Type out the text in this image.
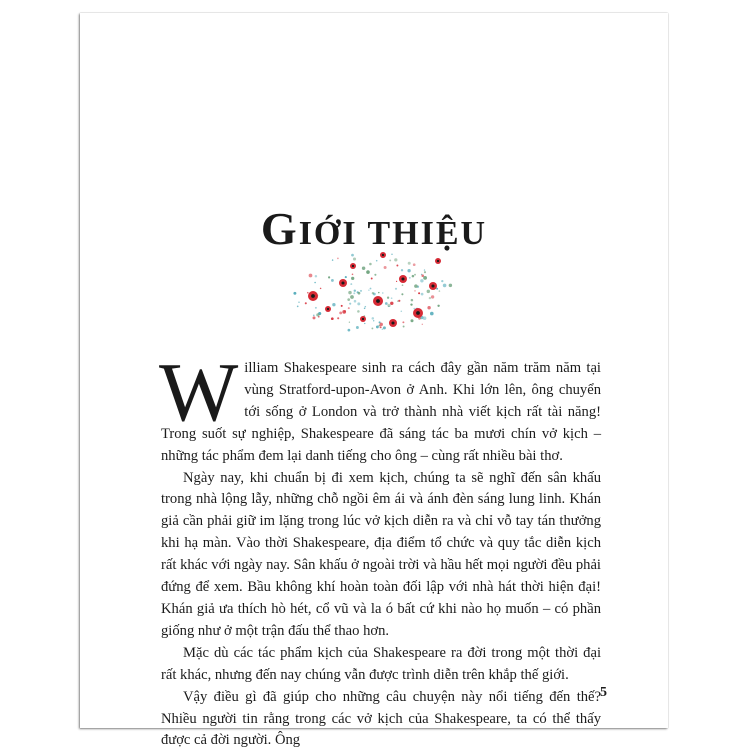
GIỚI THIỆU

William Shakespeare sinh ra cách đây gần năm trăm năm tại vùng Stratford-upon-Avon ở Anh. Khi lớn lên, ông chuyển tới sống ở London và trở thành nhà viết kịch rất tài năng! Trong suốt sự nghiệp, Shakespeare đã sáng tác ba mươi chín vở kịch – những tác phẩm đem lại danh tiếng cho ông – cùng rất nhiều bài thơ.

Ngày nay, khi chuẩn bị đi xem kịch, chúng ta sẽ nghĩ đến sân khấu trong nhà lộng lẫy, những chỗ ngồi êm ái và ánh đèn sáng lung linh. Khán giả cần phải giữ im lặng trong lúc vở kịch diễn ra và chỉ vỗ tay tán thưởng khi hạ màn. Vào thời Shakespeare, địa điểm tổ chức và quy tắc diễn kịch rất khác với ngày nay. Sân khấu ở ngoài trời và hầu hết mọi người đều phải đứng để xem. Bầu không khí hoàn toàn đối lập với nhà hát thời hiện đại! Khán giả ưa thích hò hét, cổ vũ và la ó bất cứ khi nào họ muốn – có phần giống như ở một trận đấu thể thao hơn.

Mặc dù các tác phẩm kịch của Shakespeare ra đời trong một thời đại rất khác, nhưng đến nay chúng vẫn được trình diễn trên khắp thế giới.

Vậy điều gì đã giúp cho những câu chuyện này nổi tiếng đến thế? Nhiều người tin rằng trong các vở kịch của Shakespeare, ta có thể thấy được cả đời người. Ông

5
